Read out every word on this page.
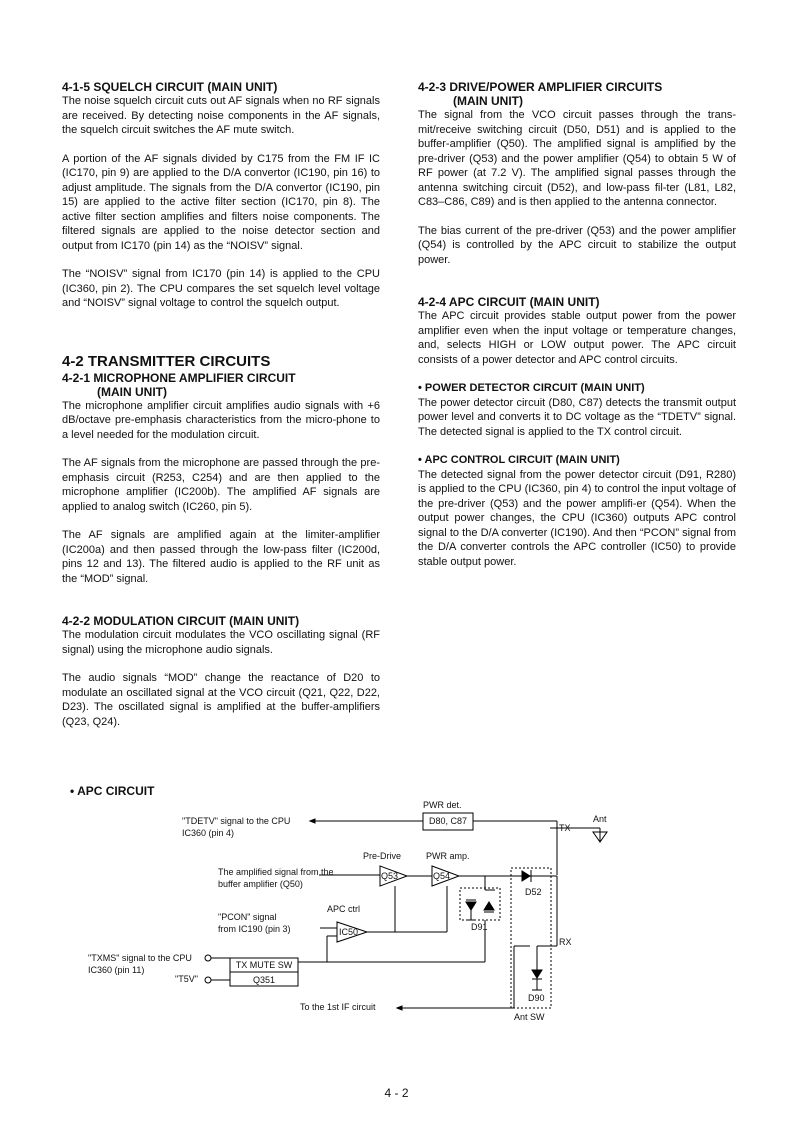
4-1-5 SQUELCH CIRCUIT (MAIN UNIT)

The noise squelch circuit cuts out AF signals when no RF signals are received. By detecting noise components in the AF signals, the squelch circuit switches the AF mute switch.

A portion of the AF signals divided by C175 from the FM IF IC (IC170, pin 9) are applied to the D/A convertor (IC190, pin 16) to adjust amplitude. The signals from the D/A convertor (IC190, pin 15) are applied to the active filter section (IC170, pin 8). The active filter section amplifies and filters noise components. The filtered signals are applied to the noise detector section and output from IC170 (pin 14) as the “NOISV” signal.

The “NOISV” signal from IC170 (pin 14) is applied to the CPU (IC360, pin 2). The CPU compares the set squelch level voltage and “NOISV” signal voltage to control the squelch output.

4-2 TRANSMITTER CIRCUITS
4-2-1 MICROPHONE AMPLIFIER CIRCUIT
(MAIN UNIT)

The microphone amplifier circuit amplifies audio signals with +6 dB/octave pre-emphasis characteristics from the micro-phone to a level needed for the modulation circuit.

The AF signals from the microphone are passed through the pre-emphasis circuit (R253, C254) and are then applied to the microphone amplifier (IC200b). The amplified AF signals are applied to analog switch (IC260, pin 5).

The AF signals are amplified again at the limiter-amplifier (IC200a) and then passed through the low-pass filter (IC200d, pins 12 and 13). The filtered audio is applied to the RF unit as the “MOD” signal.

4-2-2 MODULATION CIRCUIT (MAIN UNIT)

The modulation circuit modulates the VCO oscillating signal (RF signal) using the microphone audio signals.

The audio signals “MOD” change the reactance of D20 to modulate an oscillated signal at the VCO circuit (Q21, Q22, D22, D23). The oscillated signal is amplified at the buffer-amplifiers (Q23, Q24).

4-2-3 DRIVE/POWER AMPLIFIER CIRCUITS
(MAIN UNIT)

The signal from the VCO circuit passes through the trans-mit/receive switching circuit (D50, D51) and is applied to the buffer-amplifier (Q50). The amplified signal is amplified by the pre-driver (Q53) and the power amplifier (Q54) to obtain 5 W of RF power (at 7.2 V). The amplified signal passes through the antenna switching circuit (D52), and low-pass fil-ter (L81, L82, C83–C86, C89) and is then applied to the antenna connector.

The bias current of the pre-driver (Q53) and the power amplifier (Q54) is controlled by the APC circuit to stabilize the output power.

4-2-4 APC CIRCUIT (MAIN UNIT)

The APC circuit provides stable output power from the power amplifier even when the input voltage or temperature changes, and, selects HIGH or LOW output power. The APC circuit consists of a power detector and APC control circuits.

• POWER DETECTOR CIRCUIT (MAIN UNIT)

The power detector circuit (D80, C87) detects the transmit output power level and converts it to DC voltage as the “TDETV” signal. The detected signal is applied to the TX control circuit.

• APC CONTROL CIRCUIT (MAIN UNIT)

The detected signal from the power detector circuit (D91, R280) is applied to the CPU (IC360, pin 4) to control the input voltage of the pre-driver (Q53) and the power amplifi-er (Q54). When the output power changes, the CPU (IC360) outputs APC control signal to the D/A converter (IC190). And then “PCON” signal from the D/A converter controls the APC controller (IC50) to provide stable output power.

• APC CIRCUIT
PWR det.
D80, C87
"TDETV" signal to the CPU
IC360 (pin 4)	TX
Ant
Pre-Drive	PWR amp.
The amplified signal from the
buffer amplifier (Q50)
Q53	Q54
D52
APC ctrl
"PCON" signal
from IC190 (pin 3)	IC50	D91
RX
"TXMS" signal to the CPU
IC360 (pin 11)
"T5V"
TX MUTE SW
Q351
D90
To the 1st IF circuit
Ant SW
4 - 2
